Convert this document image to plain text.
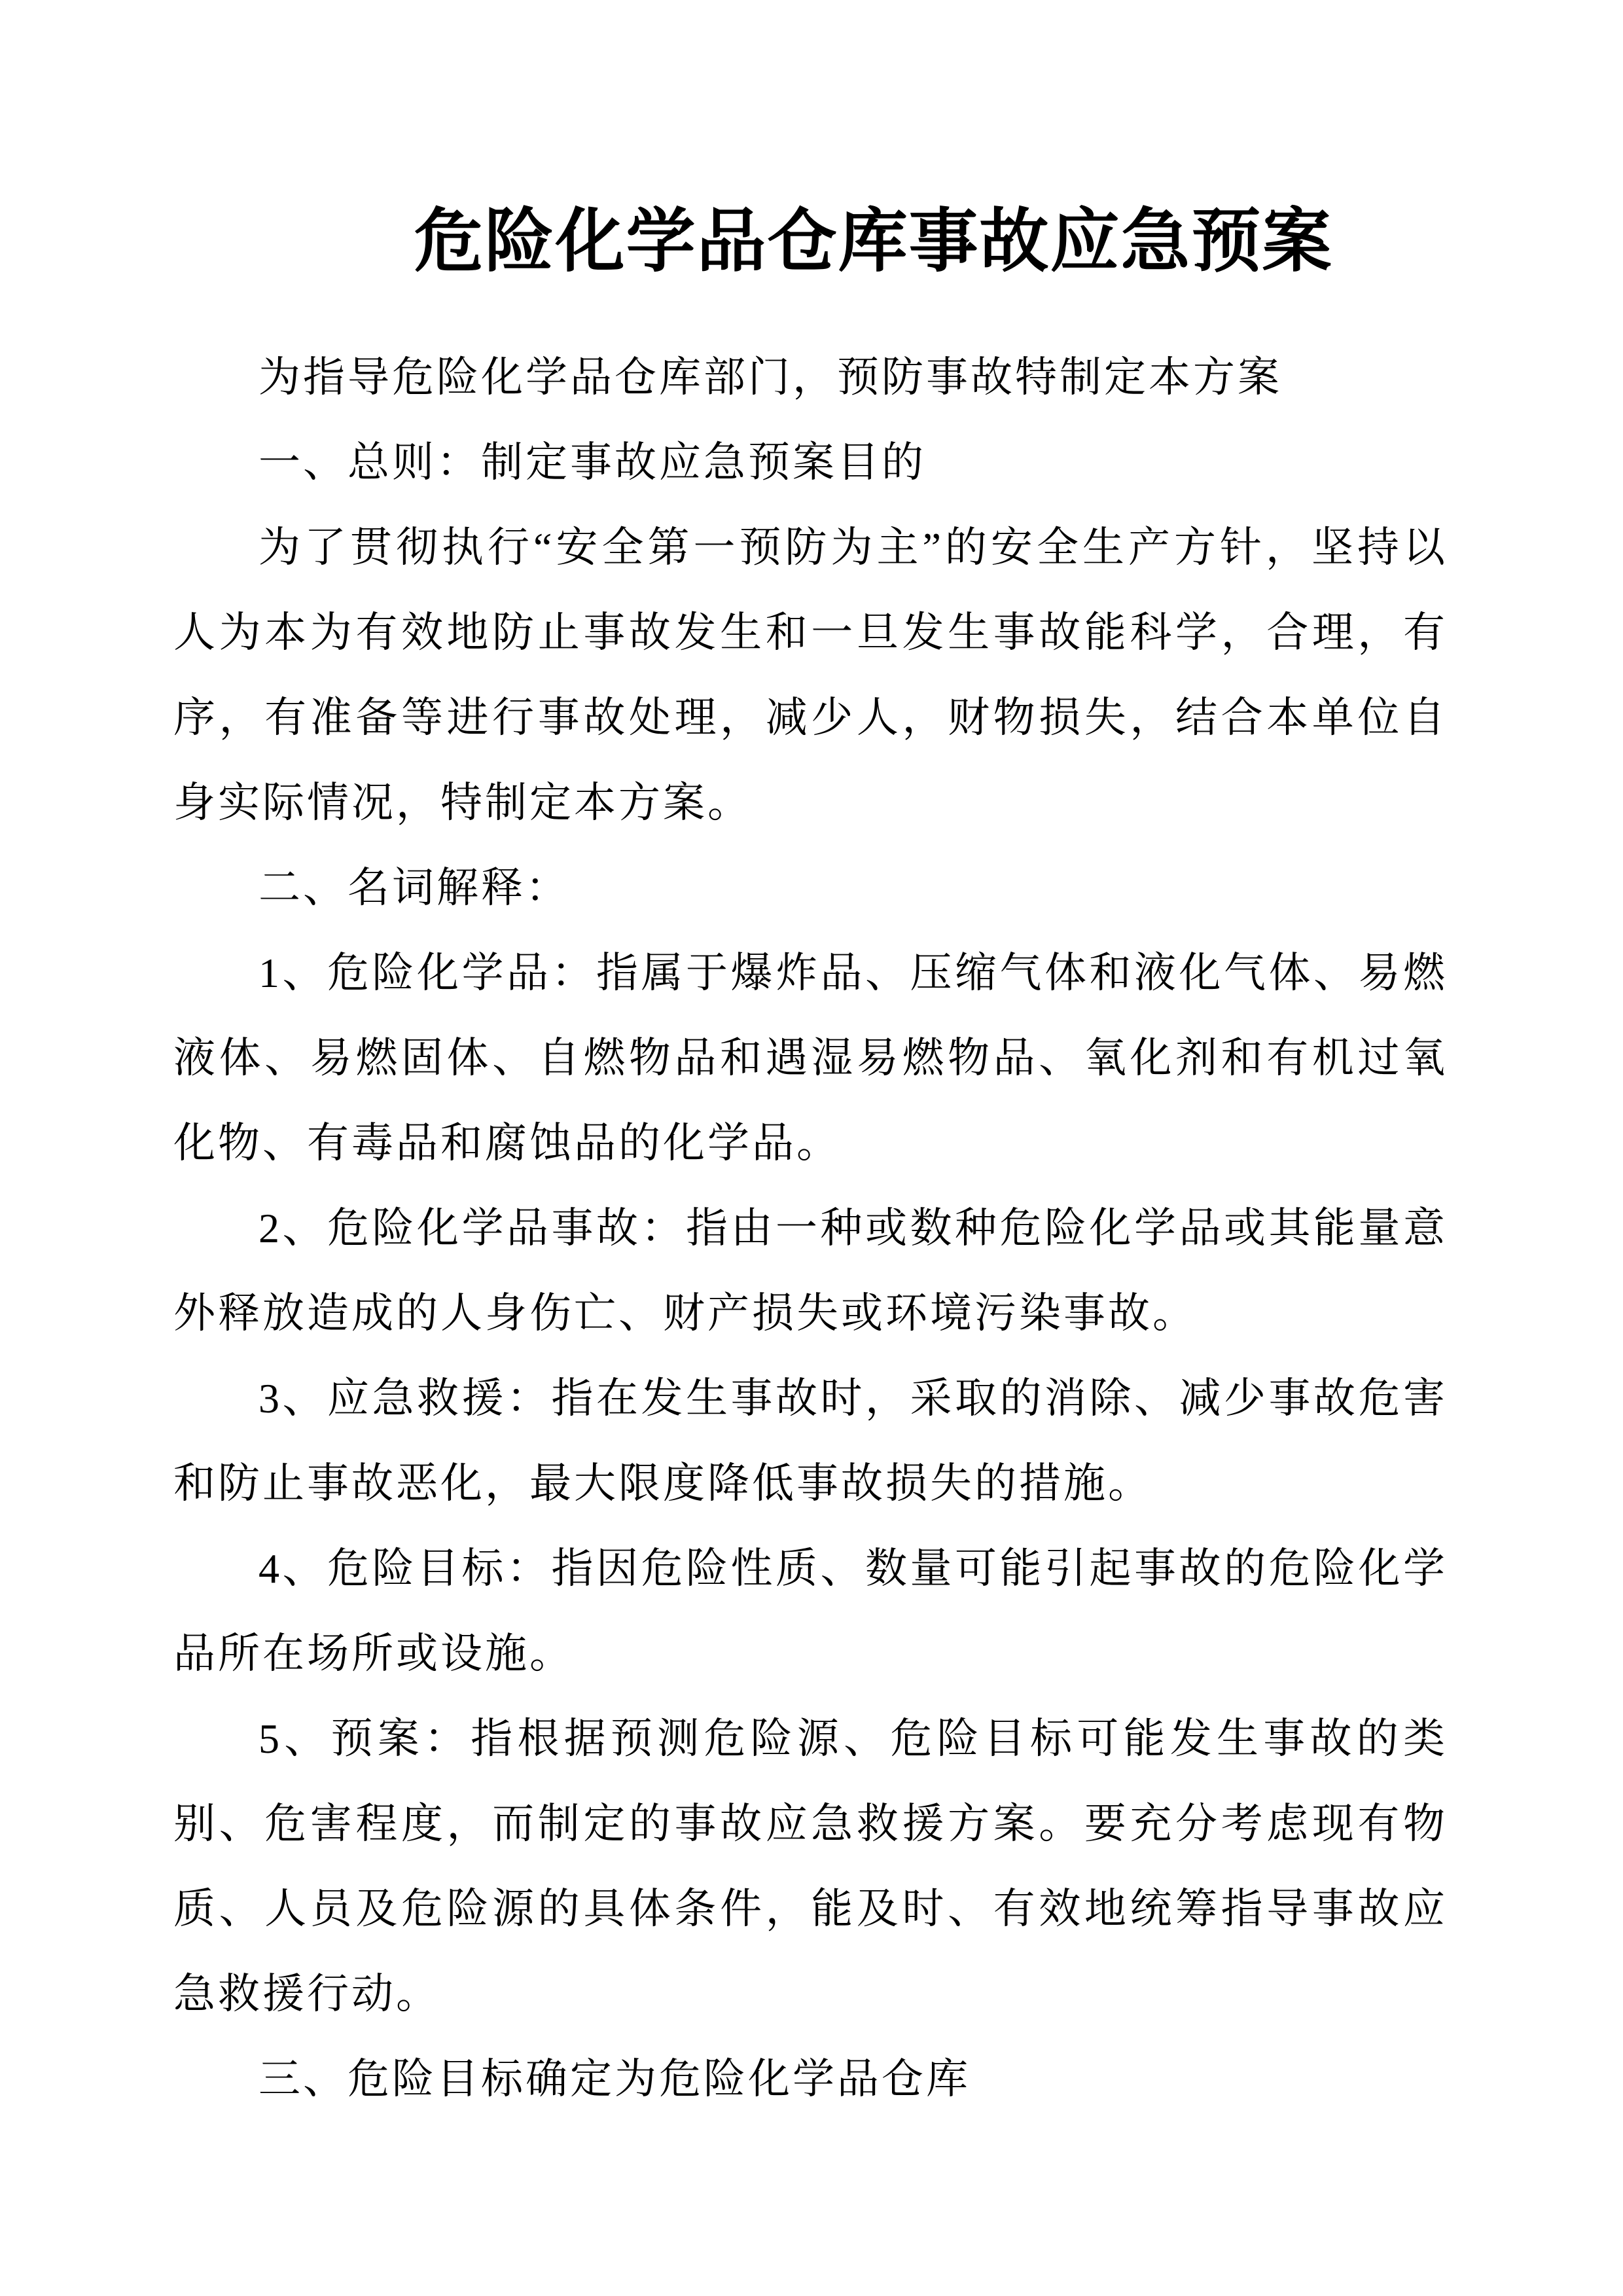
危险化学品仓库事故应急预案

为指导危险化学品仓库部门，预防事故特制定本方案

一、总则：制定事故应急预案目的

为了贯彻执行“安全第一预防为主”的安全生产方针，坚持以人为本为有效地防止事故发生和一旦发生事故能科学，合理，有序，有准备等进行事故处理，减少人，财物损失，结合本单位自身实际情况，特制定本方案。

二、名词解释：

1、危险化学品：指属于爆炸品、压缩气体和液化气体、易燃液体、易燃固体、自燃物品和遇湿易燃物品、氧化剂和有机过氧化物、有毒品和腐蚀品的化学品。

2、危险化学品事故：指由一种或数种危险化学品或其能量意外释放造成的人身伤亡、财产损失或环境污染事故。

3、应急救援：指在发生事故时，采取的消除、减少事故危害和防止事故恶化，最大限度降低事故损失的措施。

4、危险目标：指因危险性质、数量可能引起事故的危险化学品所在场所或设施。

5、预案：指根据预测危险源、危险目标可能发生事故的类别、危害程度，而制定的事故应急救援方案。要充分考虑现有物质、人员及危险源的具体条件，能及时、有效地统筹指导事故应急救援行动。

三、危险目标确定为危险化学品仓库
